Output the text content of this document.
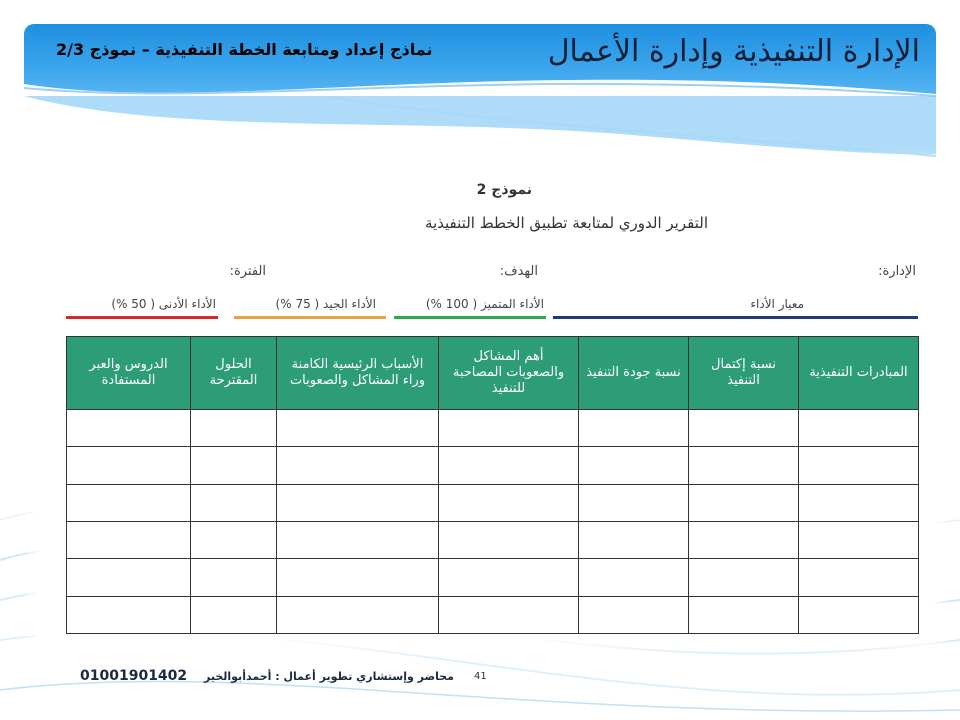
الإدارة التنفيذية وإدارة الأعمال
نماذج إعداد ومتابعة الخطة التنفيذية – نموذج 2/3
نموذج 2
التقرير الدوري لمتابعة تطبيق الخطط التنفيذية
الإدارة:
الهدف:
الفترة:
معيار الأداء
الأداء المتميز ( 100 %)
الأداء الجيد ( 75 %)
الأداء الأدنى ( 50 %)
المبادرات التنفيذية	نسبة إكتمال التنفيذ	نسبة جودة التنفيذ	أهم المشاكل والصعوبات المصاحبة للتنفيذ	الأسباب الرئيسية الكامنة وراء المشاكل والصعوبات	الحلول المقترحة	الدروس والعبر المستفادة

01001901402 محاضر وإستشاري تطوير أعمال : أحمدأبوالخير 41
